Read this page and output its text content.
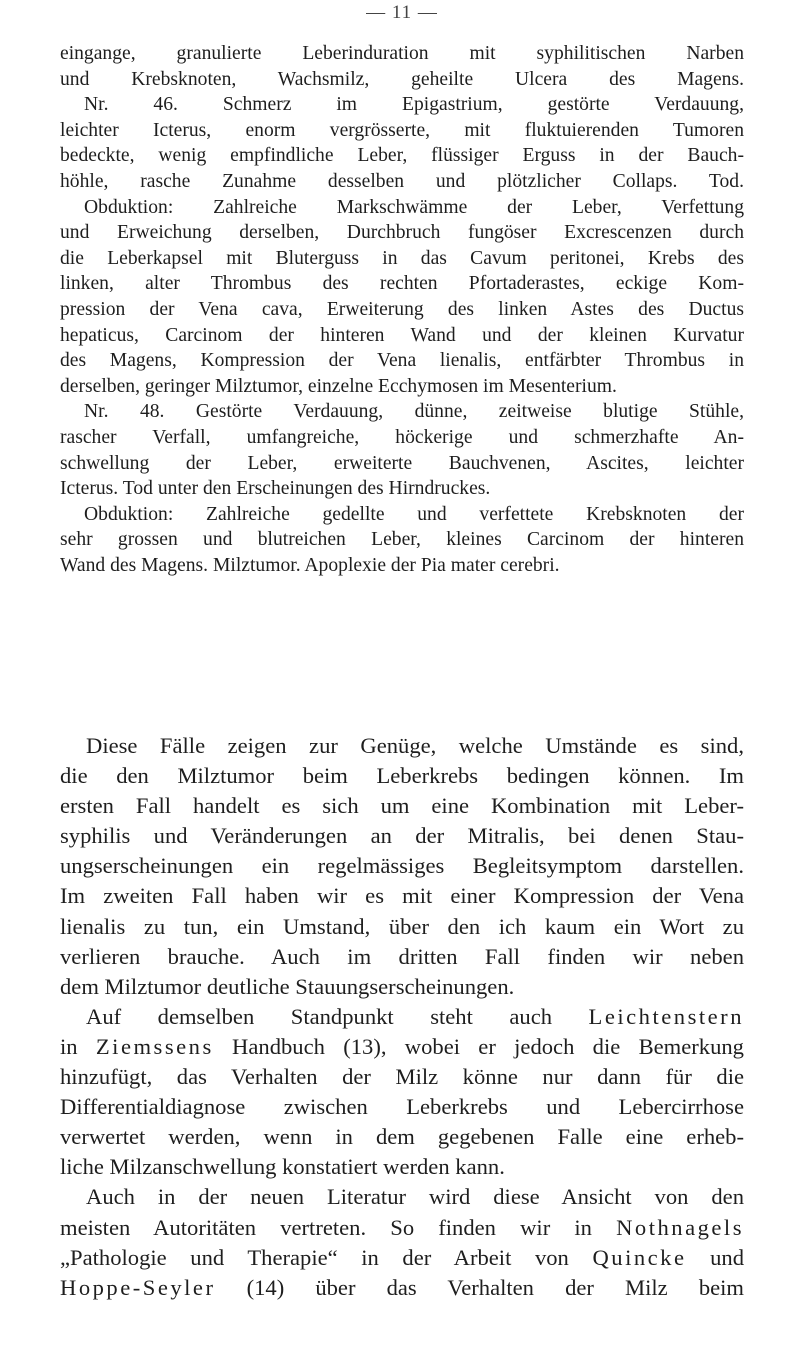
— 11 —
eingange, granulierte Leberinduration mit syphilitischen Narben
und Krebsknoten, Wachsmilz, geheilte Ulcera des Magens.
Nr. 46. Schmerz im Epigastrium, gestörte Verdauung,
leichter Icterus, enorm vergrösserte, mit fluktuierenden Tumoren
bedeckte, wenig empfindliche Leber, flüssiger Erguss in der Bauch-
höhle, rasche Zunahme desselben und plötzlicher Collaps. Tod.
Obduktion: Zahlreiche Markschwämme der Leber, Verfettung
und Erweichung derselben, Durchbruch fungöser Excrescenzen durch
die Leberkapsel mit Bluterguss in das Cavum peritonei, Krebs des
linken, alter Thrombus des rechten Pfortaderastes, eckige Kom-
pression der Vena cava, Erweiterung des linken Astes des Ductus
hepaticus, Carcinom der hinteren Wand und der kleinen Kurvatur
des Magens, Kompression der Vena lienalis, entfärbter Thrombus in
derselben, geringer Milztumor, einzelne Ecchymosen im Mesenterium.
Nr. 48. Gestörte Verdauung, dünne, zeitweise blutige Stühle,
rascher Verfall, umfangreiche, höckerige und schmerzhafte An-
schwellung der Leber, erweiterte Bauchvenen, Ascites, leichter
Icterus. Tod unter den Erscheinungen des Hirndruckes.
Obduktion: Zahlreiche gedellte und verfettete Krebsknoten der
sehr grossen und blutreichen Leber, kleines Carcinom der hinteren
Wand des Magens. Milztumor. Apoplexie der Pia mater cerebri.
Diese Fälle zeigen zur Genüge, welche Umstände es sind,
die den Milztumor beim Leberkrebs bedingen können. Im
ersten Fall handelt es sich um eine Kombination mit Leber-
syphilis und Veränderungen an der Mitralis, bei denen Stau-
ungserscheinungen ein regelmässiges Begleitsymptom darstellen.
Im zweiten Fall haben wir es mit einer Kompression der Vena
lienalis zu tun, ein Umstand, über den ich kaum ein Wort zu
verlieren brauche. Auch im dritten Fall finden wir neben
dem Milztumor deutliche Stauungserscheinungen.
Auf demselben Standpunkt steht auch Leichtenstern
in Ziemssens Handbuch (13), wobei er jedoch die Bemerkung
hinzufügt, das Verhalten der Milz könne nur dann für die
Differentialdiagnose zwischen Leberkrebs und Lebercirrhose
verwertet werden, wenn in dem gegebenen Falle eine erheb-
liche Milzanschwellung konstatiert werden kann.
Auch in der neuen Literatur wird diese Ansicht von den
meisten Autoritäten vertreten. So finden wir in Nothnagels
„Pathologie und Therapie“ in der Arbeit von Quincke und
Hoppe-Seyler (14) über das Verhalten der Milz beim
